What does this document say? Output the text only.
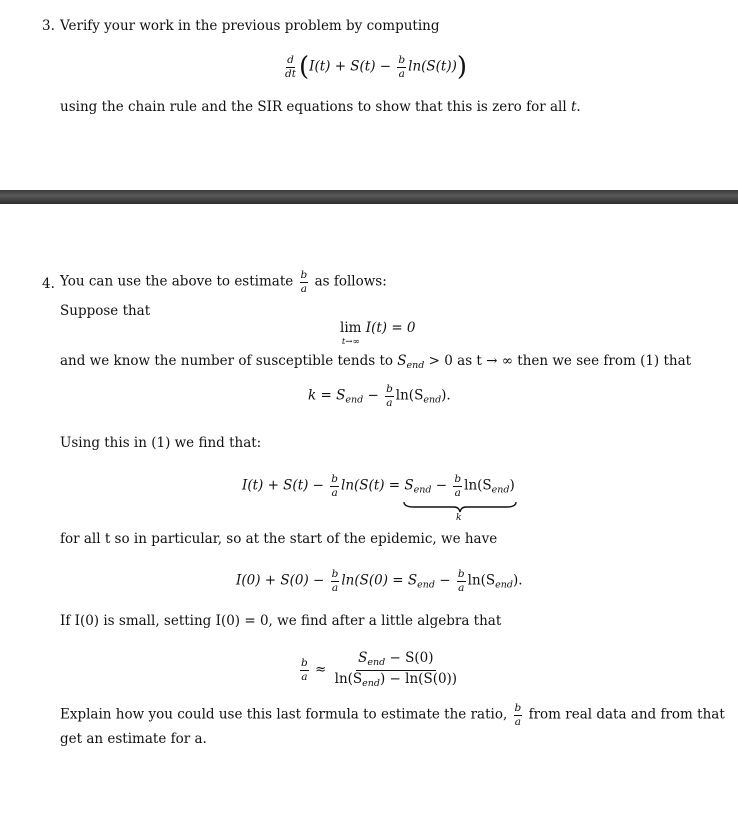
3. Verify your work in the previous problem by computing
$\frac{d}{dt} (I(t) + S(t) - \frac{b}{a} \ln(S(t)))$
using the chain rule and the SIR equations to show that this is zero for all t.
4. You can use the above to estimate $\frac{b}{a}$ as follows:
Suppose that
lim
t→∞
I(t) = 0
and we know the number of susceptible tends to $S_{end} > 0$ as t → ∞ then we see from (1) that
$k = S_{end} - \frac{b}{a} \ln(S_{end})$.
Using this in (1) we find that:
$I(t) + S(t) - \frac{b}{a} \ln(S(t) = S_{end} - \frac{b}{a} \ln(S_{end})$
k
for all t so in particular, so at the start of the epidemic, we have
$I(0) + S(0) - \frac{b}{a} \ln(S(0) = S_{end} - \frac{b}{a} \ln(S_{end})$.
If I(0) is small, setting I(0) = 0, we find after a little algebra that
$\frac{b}{a} \approx \frac{S_{end} - S(0)}{\ln(S_{end}) - \ln(S(0))}$
Explain how you could use this last formula to estimate the ratio, $\frac{b}{a}$ from real data and from that
get an estimate for a.
